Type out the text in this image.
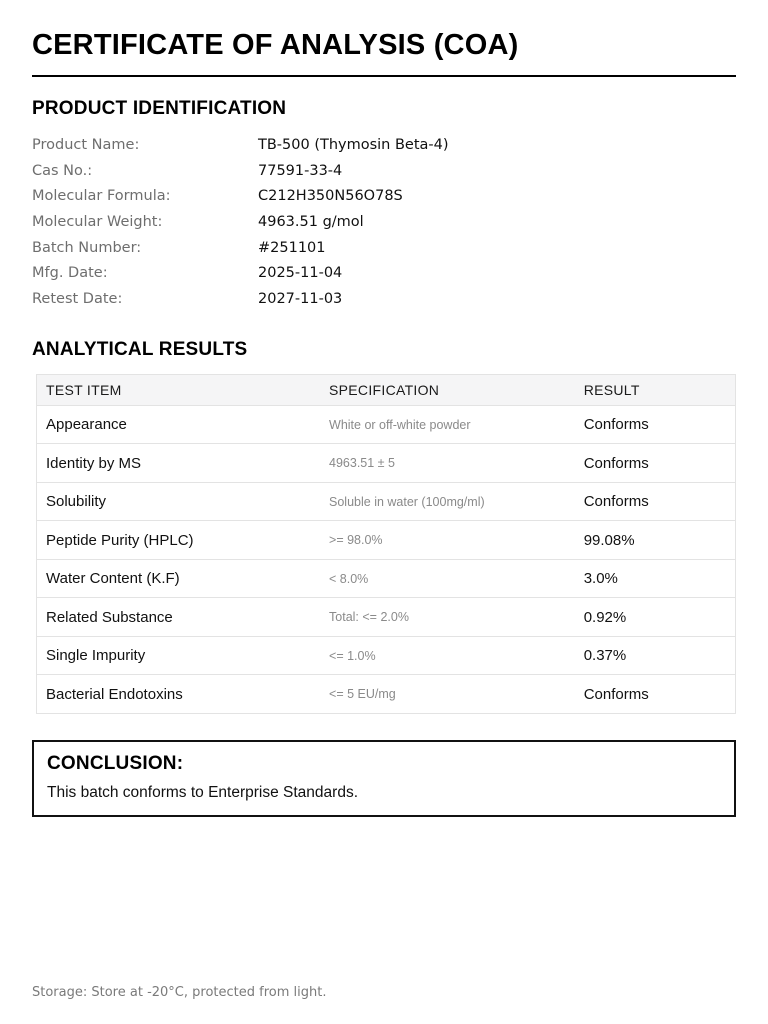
CERTIFICATE OF ANALYSIS (COA)
PRODUCT IDENTIFICATION
Product Name:	TB-500 (Thymosin Beta-4)
Cas No.:	77591-33-4
Molecular Formula:	C212H350N56O78S
Molecular Weight:	4963.51 g/mol
Batch Number:	#251101
Mfg. Date:	2025-11-04
Retest Date:	2027-11-03
ANALYTICAL RESULTS
TEST ITEM	SPECIFICATION	RESULT
Appearance	White or off-white powder	Conforms
Identity by MS	4963.51 ± 5	Conforms
Solubility	Soluble in water (100mg/ml)	Conforms
Peptide Purity (HPLC)	>= 98.0%	99.08%
Water Content (K.F)	< 8.0%	3.0%
Related Substance	Total: <= 2.0%	0.92%
Single Impurity	<= 1.0%	0.37%
Bacterial Endotoxins	<= 5 EU/mg	Conforms
CONCLUSION:
This batch conforms to Enterprise Standards.
Storage: Store at -20°C, protected from light.
